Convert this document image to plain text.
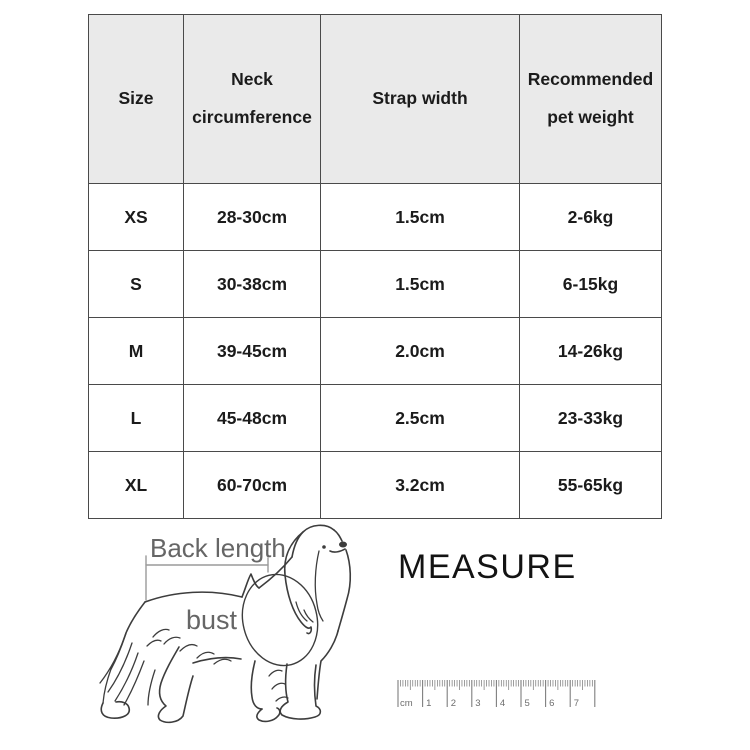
Size	Neck circumference	Strap width	Recommended pet weight
XS	28-30cm	1.5cm	2-6kg
S	30-38cm	1.5cm	6-15kg
M	39-45cm	2.0cm	14-26kg
L	45-48cm	2.5cm	23-33kg
XL	60-70cm	3.2cm	55-65kg
Back length
bust
MEASURE
cm 1 2 3 4 5 6 7
